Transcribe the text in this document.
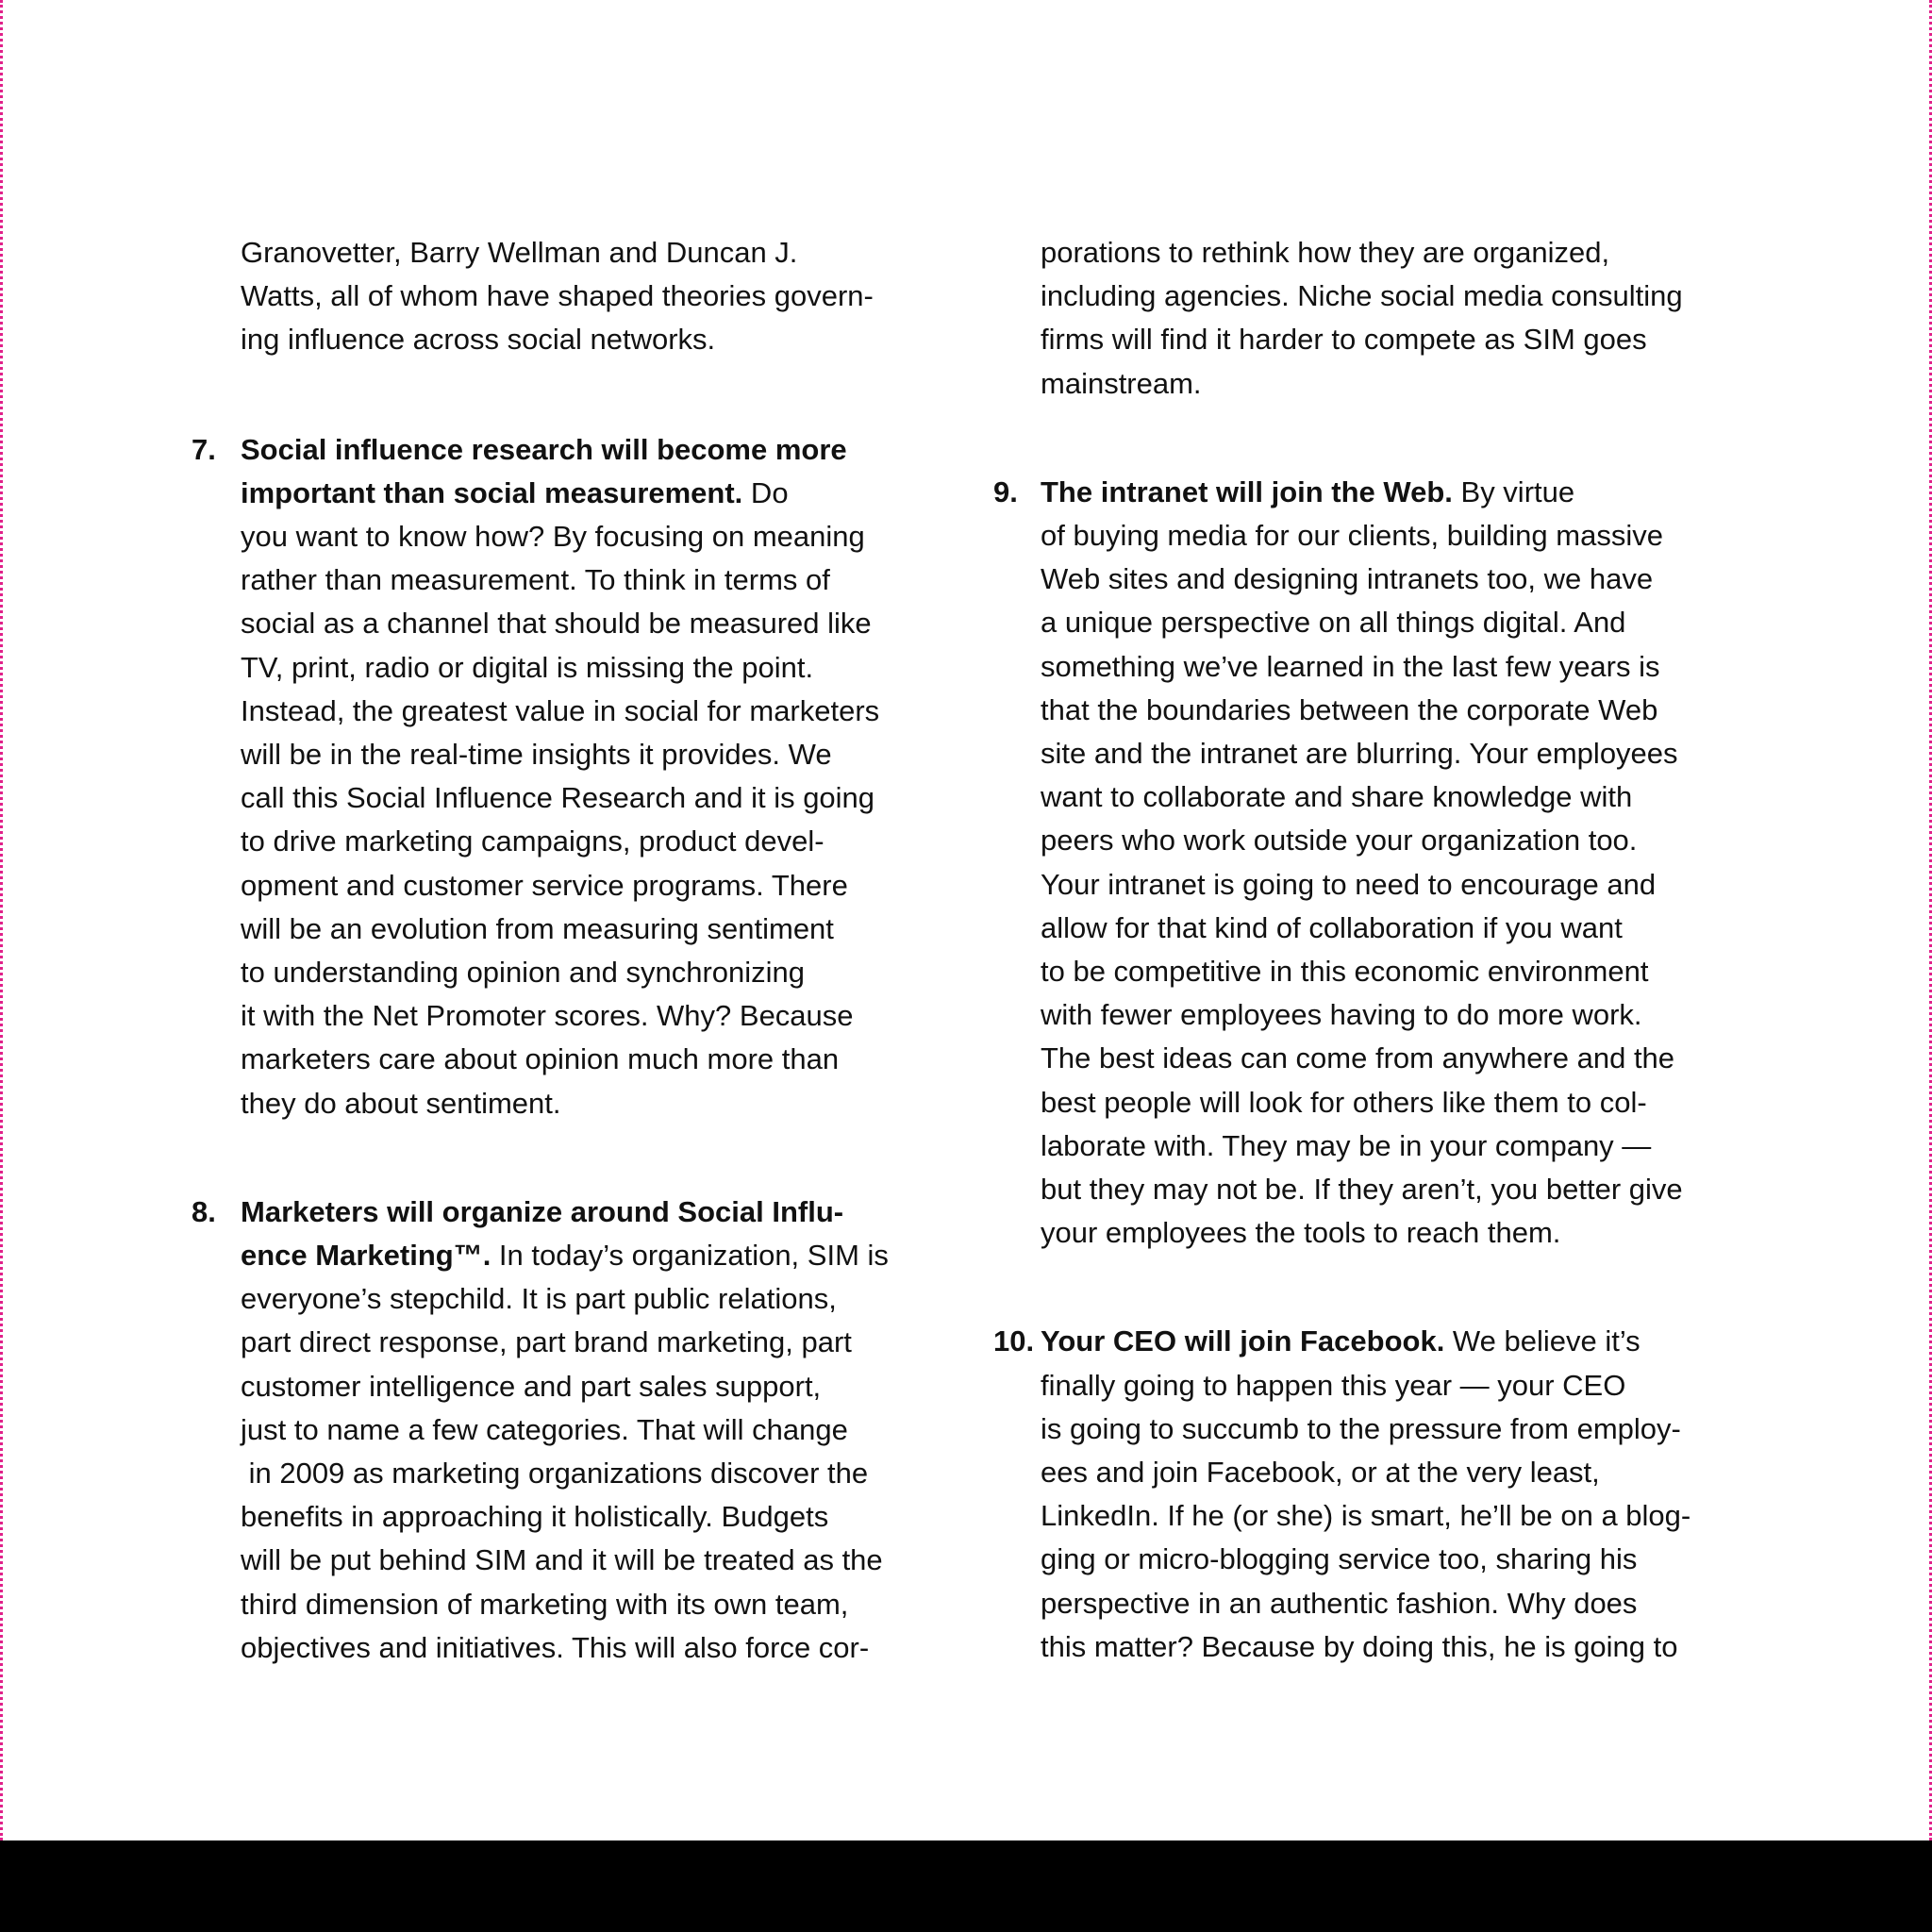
Granovetter, Barry Wellman and Duncan J.
Watts, all of whom have shaped theories govern-
ing influence across social networks.
7. Social influence research will become more
important than social measurement. Do
you want to know how? By focusing on meaning
rather than measurement. To think in terms of
social as a channel that should be measured like
TV, print, radio or digital is missing the point.
Instead, the greatest value in social for marketers
will be in the real-time insights it provides. We
call this Social Influence Research and it is going
to drive marketing campaigns, product devel-
opment and customer service programs. There
will be an evolution from measuring sentiment
to understanding opinion and synchronizing
it with the Net Promoter scores. Why? Because
marketers care about opinion much more than
they do about sentiment.
8. Marketers will organize around Social Influ-
ence Marketing™. In today’s organization, SIM is
everyone’s stepchild. It is part public relations,
part direct response, part brand marketing, part
customer intelligence and part sales support,
just to name a few categories. That will change
in 2009 as marketing organizations discover the
benefits in approaching it holistically. Budgets
will be put behind SIM and it will be treated as the
third dimension of marketing with its own team,
objectives and initiatives. This will also force cor-
porations to rethink how they are organized,
including agencies. Niche social media consulting
firms will find it harder to compete as SIM goes
mainstream.
9. The intranet will join the Web. By virtue
of buying media for our clients, building massive
Web sites and designing intranets too, we have
a unique perspective on all things digital. And
something we’ve learned in the last few years is
that the boundaries between the corporate Web
site and the intranet are blurring. Your employees
want to collaborate and share knowledge with
peers who work outside your organization too.
Your intranet is going to need to encourage and
allow for that kind of collaboration if you want
to be competitive in this economic environment
with fewer employees having to do more work.
The best ideas can come from anywhere and the
best people will look for others like them to col-
laborate with. They may be in your company —
but they may not be. If they aren’t, you better give
your employees the tools to reach them.
10. Your CEO will join Facebook. We believe it’s
finally going to happen this year — your CEO
is going to succumb to the pressure from employ-
ees and join Facebook, or at the very least,
LinkedIn. If he (or she) is smart, he’ll be on a blog-
ging or micro-blogging service too, sharing his
perspective in an authentic fashion. Why does
this matter? Because by doing this, he is going to
